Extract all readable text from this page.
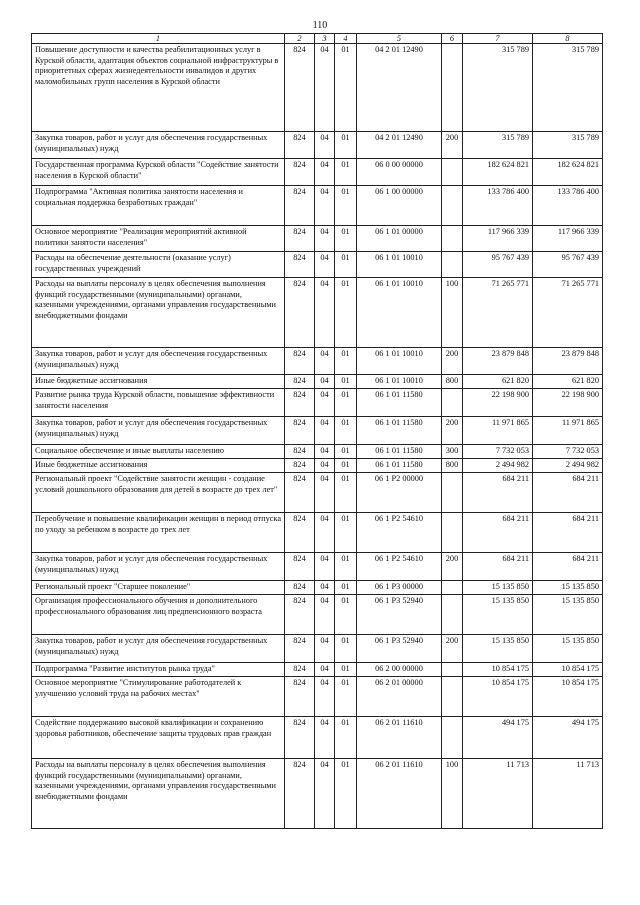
110
1	2	3	4	5	6	7	8
Повышение доступности и качества реабилитационных услуг в Курской области, адаптация объектов социальной инфраструктуры в приоритетных сферах жизнедеятельности инвалидов и других маломобильных групп населения в Курской области	824	04	01	04 2 01 12490		315 789	315 789
Закупка товаров, работ и услуг для обеспечения государственных (муниципальных) нужд	824	04	01	04 2 01 12490	200	315 789	315 789
Государственная программа Курской области "Содействие занятости населения в Курской области"	824	04	01	06 0 00 00000		182 624 821	182 624 821
Подпрограмма "Активная политика занятости населения и социальная поддержка безработных граждан"	824	04	01	06 1 00 00000		133 786 400	133 786 400
Основное мероприятие "Реализация мероприятий активной политики занятости населения"	824	04	01	06 1 01 00000		117 966 339	117 966 339
Расходы на обеспечение деятельности (оказание услуг) государственных учреждений	824	04	01	06 1 01 10010		95 767 439	95 767 439
Расходы на выплаты персоналу в целях обеспечения выполнения функций государственными (муниципальными) органами, казенными учреждениями, органами управления государственными внебюджетными фондами	824	04	01	06 1 01 10010	100	71 265 771	71 265 771
Закупка товаров, работ и услуг для обеспечения государственных (муниципальных) нужд	824	04	01	06 1 01 10010	200	23 879 848	23 879 848
Иные бюджетные ассигнования	824	04	01	06 1 01 10010	800	621 820	621 820
Развитие рынка труда Курской области, повышение эффективности занятости населения	824	04	01	06 1 01 11580		22 198 900	22 198 900
Закупка товаров, работ и услуг для обеспечения государственных (муниципальных) нужд	824	04	01	06 1 01 11580	200	11 971 865	11 971 865
Социальное обеспечение и иные выплаты населению	824	04	01	06 1 01 11580	300	7 732 053	7 732 053
Иные бюджетные ассигнования	824	04	01	06 1 01 11580	800	2 494 982	2 494 982
Региональный проект "Содействие занятости женщин - создание условий дошкольного образования для детей в возрасте до трех лет"	824	04	01	06 1 P2 00000		684 211	684 211
Переобучение и повышение квалификации женщин в период отпуска по уходу за ребенком в возрасте до трех лет	824	04	01	06 1 P2 54610		684 211	684 211
Закупка товаров, работ и услуг для обеспечения государственных (муниципальных) нужд	824	04	01	06 1 P2 54610	200	684 211	684 211
Региональный проект "Старшее поколение"	824	04	01	06 1 P3 00000		15 135 850	15 135 850
Организация профессионального обучения и дополнительного профессионального образования лиц предпенсионного возраста	824	04	01	06 1 P3 52940		15 135 850	15 135 850
Закупка товаров, работ и услуг для обеспечения государственных (муниципальных) нужд	824	04	01	06 1 P3 52940	200	15 135 850	15 135 850
Подпрограмма "Развитие институтов рынка труда"	824	04	01	06 2 00 00000		10 854 175	10 854 175
Основное мероприятие "Стимулирование работодателей к улучшению условий труда на рабочих местах"	824	04	01	06 2 01 00000		10 854 175	10 854 175
Содействие поддержанию высокой квалификации и сохранению здоровья работников, обеспечение защиты трудовых прав граждан	824	04	01	06 2 01 11610		494 175	494 175
Расходы на выплаты персоналу в целях обеспечения выполнения функций государственными (муниципальными) органами, казенными учреждениями, органами управления государственными внебюджетными фондами	824	04	01	06 2 01 11610	100	11 713	11 713
